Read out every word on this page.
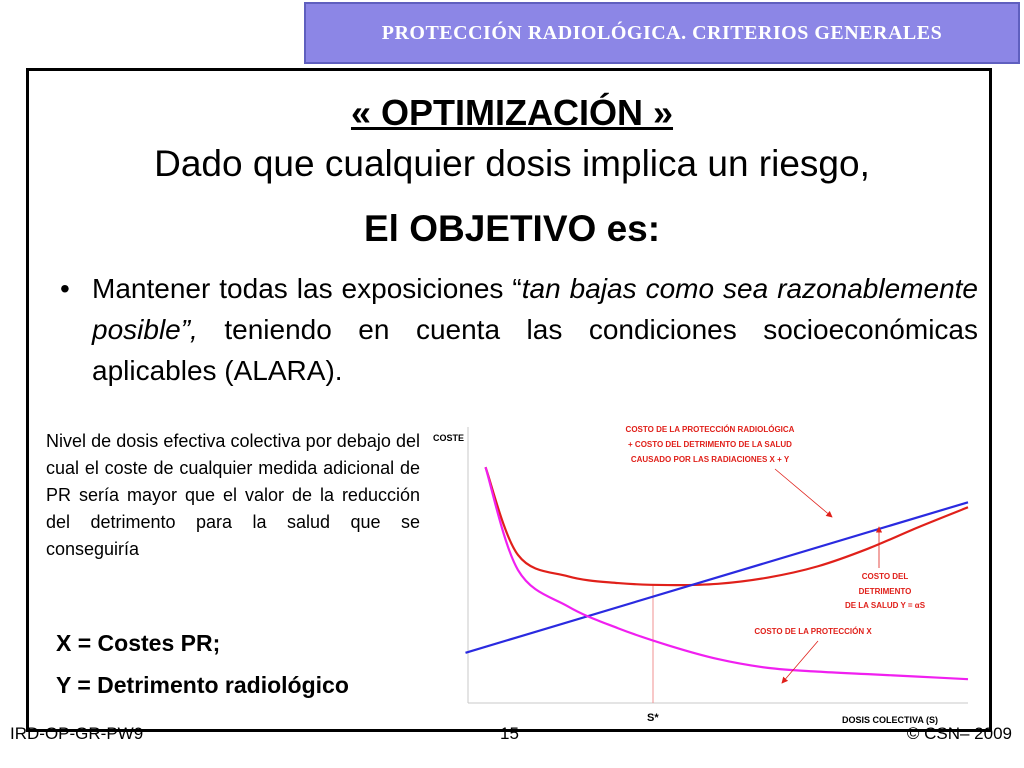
PROTECCIÓN RADIOLÓGICA. CRITERIOS GENERALES
« OPTIMIZACIÓN »
Dado que cualquier dosis implica un riesgo,
El OBJETIVO es:
• Mantener todas las exposiciones “tan bajas como sea razonablemente posible”, teniendo en cuenta las condiciones socioeconómicas aplicables (ALARA).
Nivel de dosis efectiva colectiva por debajo del cual el coste de cualquier medida adicional de PR sería mayor que el valor de la reducción del detrimento para la salud que se conseguiría
X = Costes PR;
Y = Detrimento radiológico
COSTE
DOSIS COLECTIVA (S)
S*
COSTO DE LA PROTECCIÓN RADIOLÓGICA
+ COSTO DEL DETRIMENTO DE LA SALUD
CAUSADO POR LAS RADIACIONES X + Y
COSTO DEL
DETRIMENTO
DE LA SALUD Y = αS
COSTO DE LA PROTECCIÓN X
IRD-OP-GR-PW9	15	© CSN– 2009
